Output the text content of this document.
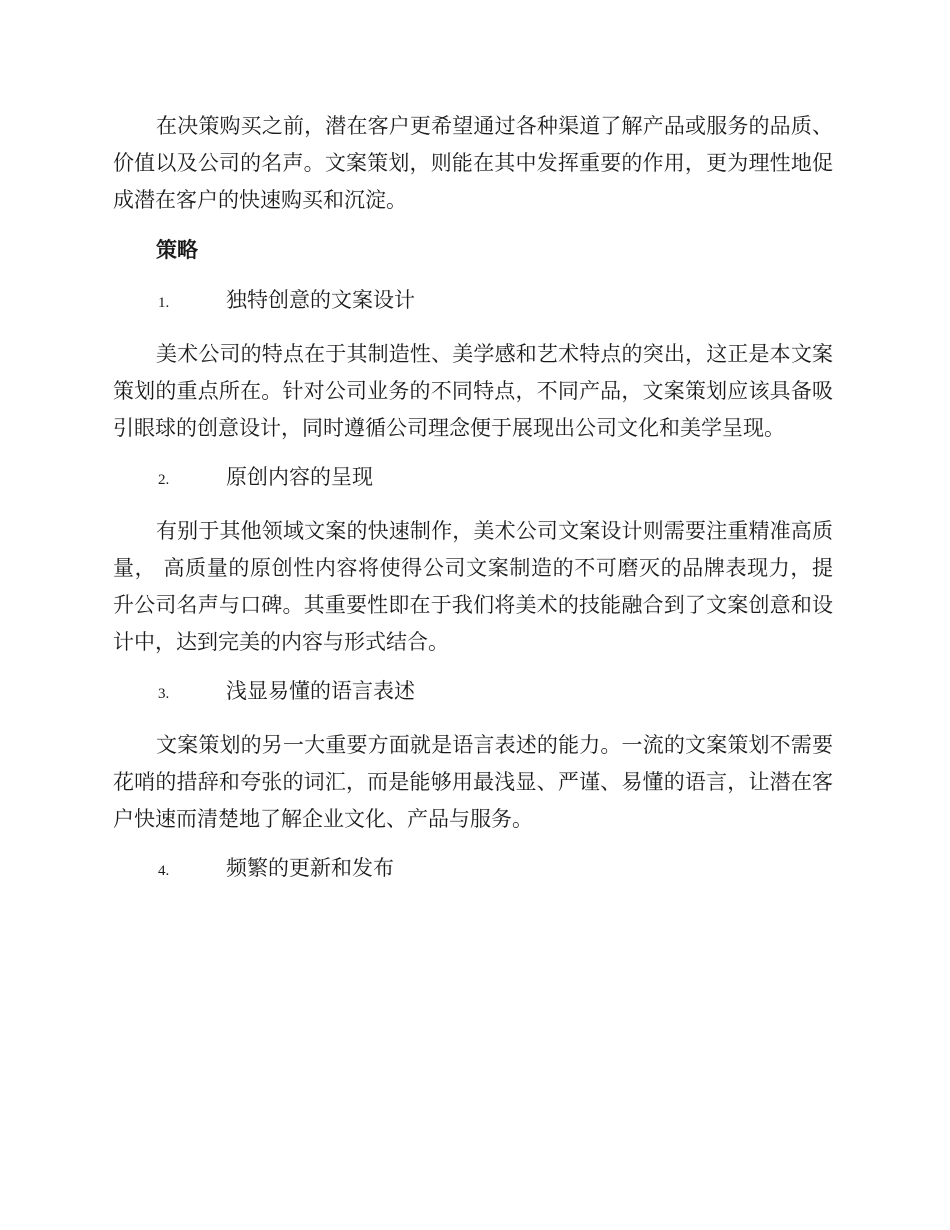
在决策购买之前，潜在客户更希望通过各种渠道了解产品或服务的品质、价值以及公司的名声。文案策划，则能在其中发挥重要的作用，更为理性地促成潜在客户的快速购买和沉淀。

策略
1.	独特创意的文案设计

美术公司的特点在于其制造性、美学感和艺术特点的突出，这正是本文案策划的重点所在。针对公司业务的不同特点，不同产品，文案策划应该具备吸引眼球的创意设计，同时遵循公司理念便于展现出公司文化和美学呈现。

2.	原创内容的呈现

有别于其他领域文案的快速制作，美术公司文案设计则需要注重精准高质量， 高质量的原创性内容将使得公司文案制造的不可磨灭的品牌表现力，提升公司名声与口碑。其重要性即在于我们将美术的技能融合到了文案创意和设计中，达到完美的内容与形式结合。

3.	浅显易懂的语言表述

文案策划的另一大重要方面就是语言表述的能力。一流的文案策划不需要花哨的措辞和夸张的词汇，而是能够用最浅显、严谨、易懂的语言，让潜在客户快速而清楚地了解企业文化、产品与服务。

4.	频繁的更新和发布
